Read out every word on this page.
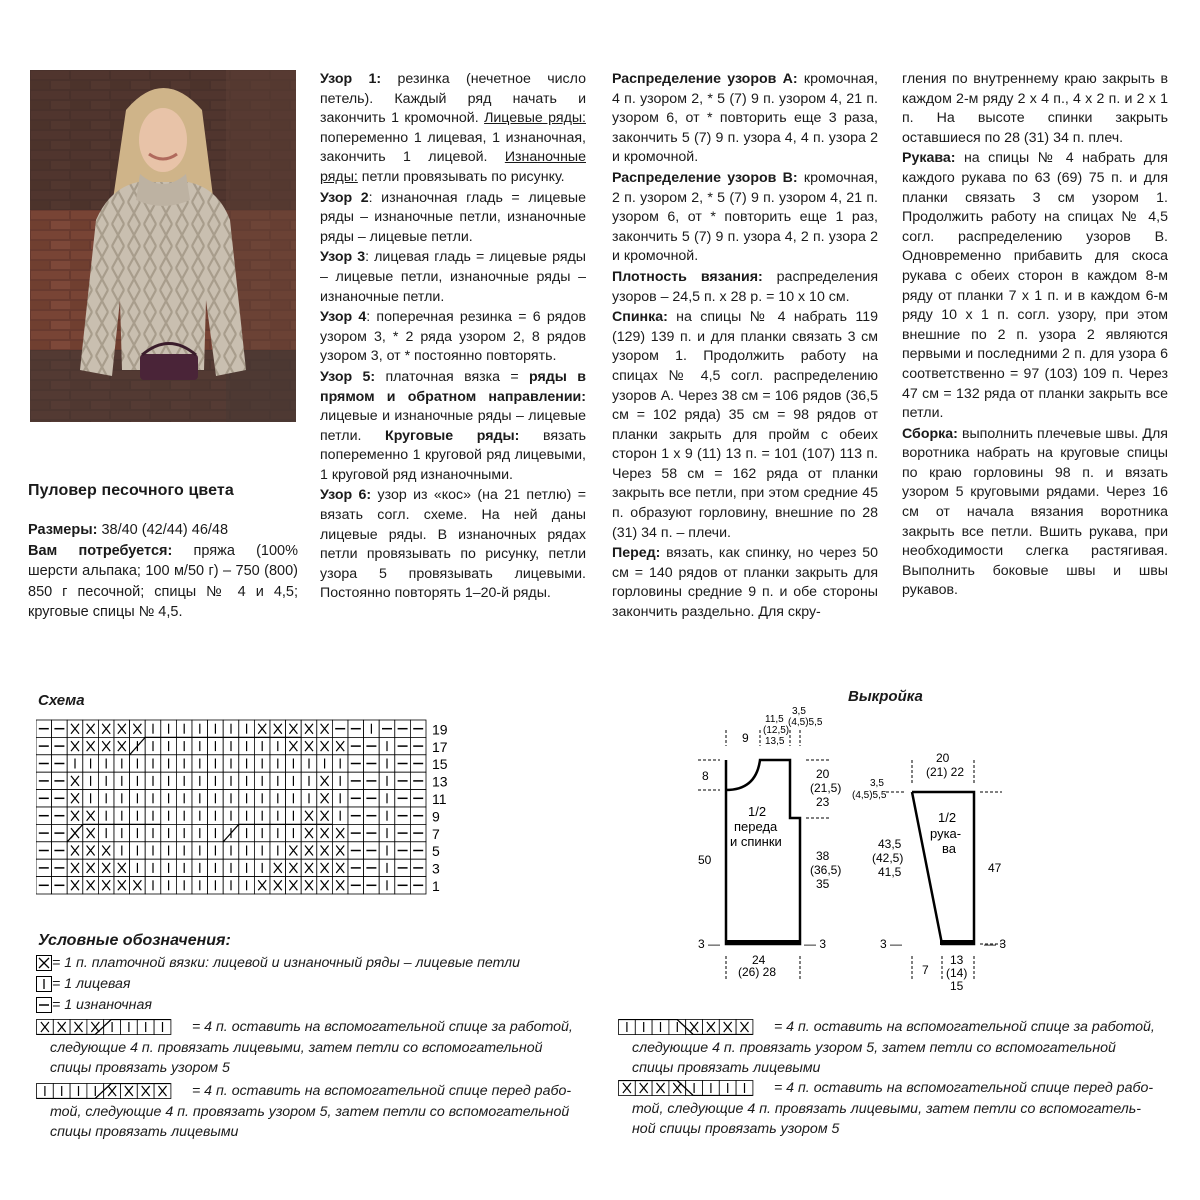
Пуловер песочного цвета
Размеры: 38/40 (42/44) 46/48
Вам потребуется: пряжа (100% шерсти альпака; 100 м/50 г) – 750 (800) 850 г песочной; спицы № 4 и 4,5; круговые спицы № 4,5.

Узор 1: резинка (нечетное число петель). Каждый ряд начать и закончить 1 кромочной. Лицевые ряды: попеременно 1 лицевая, 1 изнаночная, закончить 1 лицевой. Изнаночные ряды: петли провязывать по рисунку.

Узор 2: изнаночная гладь = лицевые ряды – изнаночные петли, изнаночные ряды – лицевые петли.

Узор 3: лицевая гладь = лицевые ряды – лицевые петли, изнаночные ряды – изнаночные петли.

Узор 4: поперечная резинка = 6 рядов узором 3, * 2 ряда узором 2, 8 рядов узором 3, от * постоянно повторять.

Узор 5: платочная вязка = ряды в прямом и обратном направлении: лицевые и изнаночные ряды – лицевые петли. Круговые ряды: вязать попеременно 1 круговой ряд лицевыми, 1 круговой ряд изнаночными.

Узор 6: узор из «кос» (на 21 петлю) = вязать согл. схеме. На ней даны лицевые ряды. В изнаночных рядах петли провязывать по рисунку, петли узора 5 провязывать лицевыми. Постоянно повторять 1–20-й ряды.

Распределение узоров А: кромочная, 4 п. узором 2, * 5 (7) 9 п. узором 4, 21 п. узором 6, от * повторить еще 3 раза, закончить 5 (7) 9 п. узора 4, 4 п. узора 2 и кромочной.

Распределение узоров В: кромочная, 2 п. узором 2, * 5 (7) 9 п. узором 4, 21 п. узором 6, от * повторить еще 1 раз, закончить 5 (7) 9 п. узора 4, 2 п. узора 2 и кромочной.

Плотность вязания: распределения узоров – 24,5 п. x 28 р. = 10 x 10 см.

Спинка: на спицы № 4 набрать 119 (129) 139 п. и для планки связать 3 см узором 1. Продолжить работу на спицах № 4,5 согл. распределению узоров А. Через 38 см = 106 рядов (36,5 см = 102 ряда) 35 см = 98 рядов от планки закрыть для пройм с обеих сторон 1 x 9 (11) 13 п. = 101 (107) 113 п. Через 58 см = 162 ряда от планки закрыть все петли, при этом средние 45 п. образуют горловину, внешние по 28 (31) 34 п. – плечи.

Перед: вязать, как спинку, но через 50 см = 140 рядов от планки закрыть для горловины средние 9 п. и обе стороны закончить раздельно. Для скру-

гления по внутреннему краю закрыть в каждом 2-м ряду 2 x 4 п., 4 x 2 п. и 2 x 1 п. На высоте спинки закрыть оставшиеся по 28 (31) 34 п. плеч.

Рукава: на спицы № 4 набрать для каждого рукава по 63 (69) 75 п. и для планки связать 3 см узором 1. Продолжить работу на спицах № 4,5 согл. распределению узоров В. Одновременно прибавить для скоса рукава с обеих сторон в каждом 8-м ряду от планки 7 x 1 п. и в каждом 6-м ряду 10 x 1 п. согл. узору, при этом внешние по 2 п. узора 2 являются первыми и последними 2 п. для узора 6 соответственно = 97 (103) 109 п. Через 47 см = 132 ряда от планки закрыть все петли.

Сборка: выполнить плечевые швы. Для воротника набрать на круговые спицы по краю горловины 98 п. и вязать узором 5 круговыми рядами. Через 16 см от начала вязания воротника закрыть все петли. Вшить рукава, при необходимости слегка растягивая. Выполнить боковые швы и швы рукавов.

Схема
19
17
15
13
11
9
7
5
3
1
Выкройка
9
11,5
(12,5)
13,5
3,5
(4,5)5,5
8	20
(21,5)
23
1/2
переда
и спинки
50	38
(36,5)
35
3 —	— 3
24
(26) 28
20
(21) 22
3,5
(4,5)5,5
1/2
рука-
ва
43,5
(42,5)
41,5	47
3 —	— 3
7
13
(14)
15
Условные обозначения:
= 1 п. платочной вязки: лицевой и изнаночный ряды – лицевые петли
= 1 лицевая
= 1 изнаночная
= 4 п. оставить на вспомогательной спице за работой,
следующие 4 п. провязать лицевыми, затем петли со вспомогательной
спицы провязать узором 5
= 4 п. оставить на вспомогательной спице перед рабо-
той, следующие 4 п. провязать узором 5, затем петли со вспомогательной
спицы провязать лицевыми
= 4 п. оставить на вспомогательной спице за работой,
следующие 4 п. провязать узором 5, затем петли со вспомогательной
спицы провязать лицевыми
= 4 п. оставить на вспомогательной спице перед рабо-
той, следующие 4 п. провязать лицевыми, затем петли со вспомогатель-
ной спицы провязать узором 5
